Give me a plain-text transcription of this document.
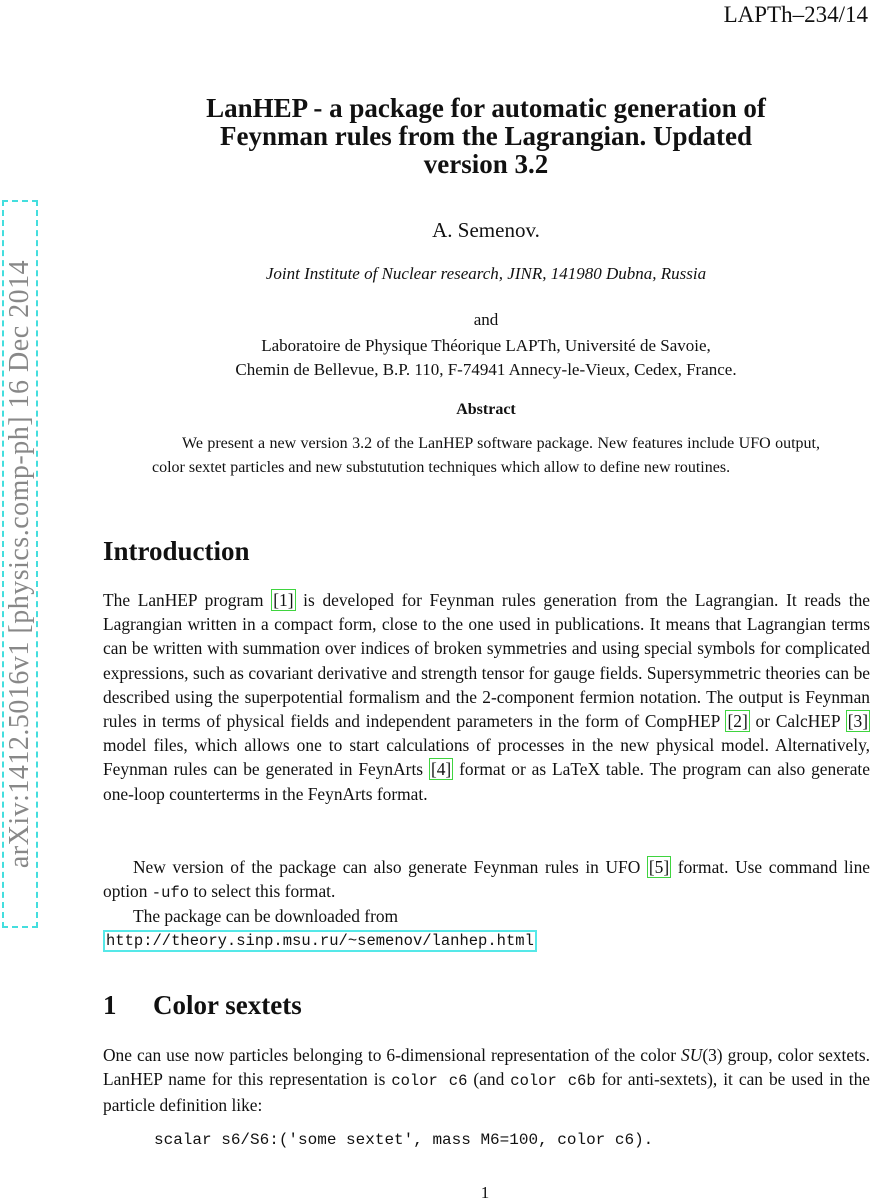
LAPTh–234/14
arXiv:1412.5016v1 [physics.comp-ph] 16 Dec 2014
LanHEP - a package for automatic generation of
Feynman rules from the Lagrangian. Updated
version 3.2
A. Semenov.
Joint Institute of Nuclear research, JINR, 141980 Dubna, Russia
and
Laboratoire de Physique Théorique LAPTh, Université de Savoie,
Chemin de Bellevue, B.P. 110, F-74941 Annecy-le-Vieux, Cedex, France.
Abstract
We present a new version 3.2 of the LanHEP software package. New features include UFO output, color sextet particles and new substutution techniques which allow to define new routines.
Introduction
The LanHEP program [1] is developed for Feynman rules generation from the Lagrangian. It reads the Lagrangian written in a compact form, close to the one used in publications. It means that Lagrangian terms can be written with summation over indices of broken symmetries and using special symbols for complicated expressions, such as covariant derivative and strength tensor for gauge fields. Supersymmetric theories can be described using the superpotential formalism and the 2-component fermion notation. The output is Feynman rules in terms of physical fields and independent parameters in the form of CompHEP [2] or CalcHEP [3] model files, which allows one to start calculations of processes in the new physical model. Alternatively, Feynman rules can be generated in FeynArts [4] format or as LaTeX table. The program can also generate one-loop counterterms in the FeynArts format.
New version of the package can also generate Feynman rules in UFO [5] format. Use command line option -ufo to select this format.
The package can be downloaded from
http://theory.sinp.msu.ru/~semenov/lanhep.html
1 Color sextets
One can use now particles belonging to 6-dimensional representation of the color SU(3) group, color sextets. LanHEP name for this representation is color c6 (and color c6b for anti-sextets), it can be used in the particle definition like:
scalar s6/S6:('some sextet', mass M6=100, color c6).
1
